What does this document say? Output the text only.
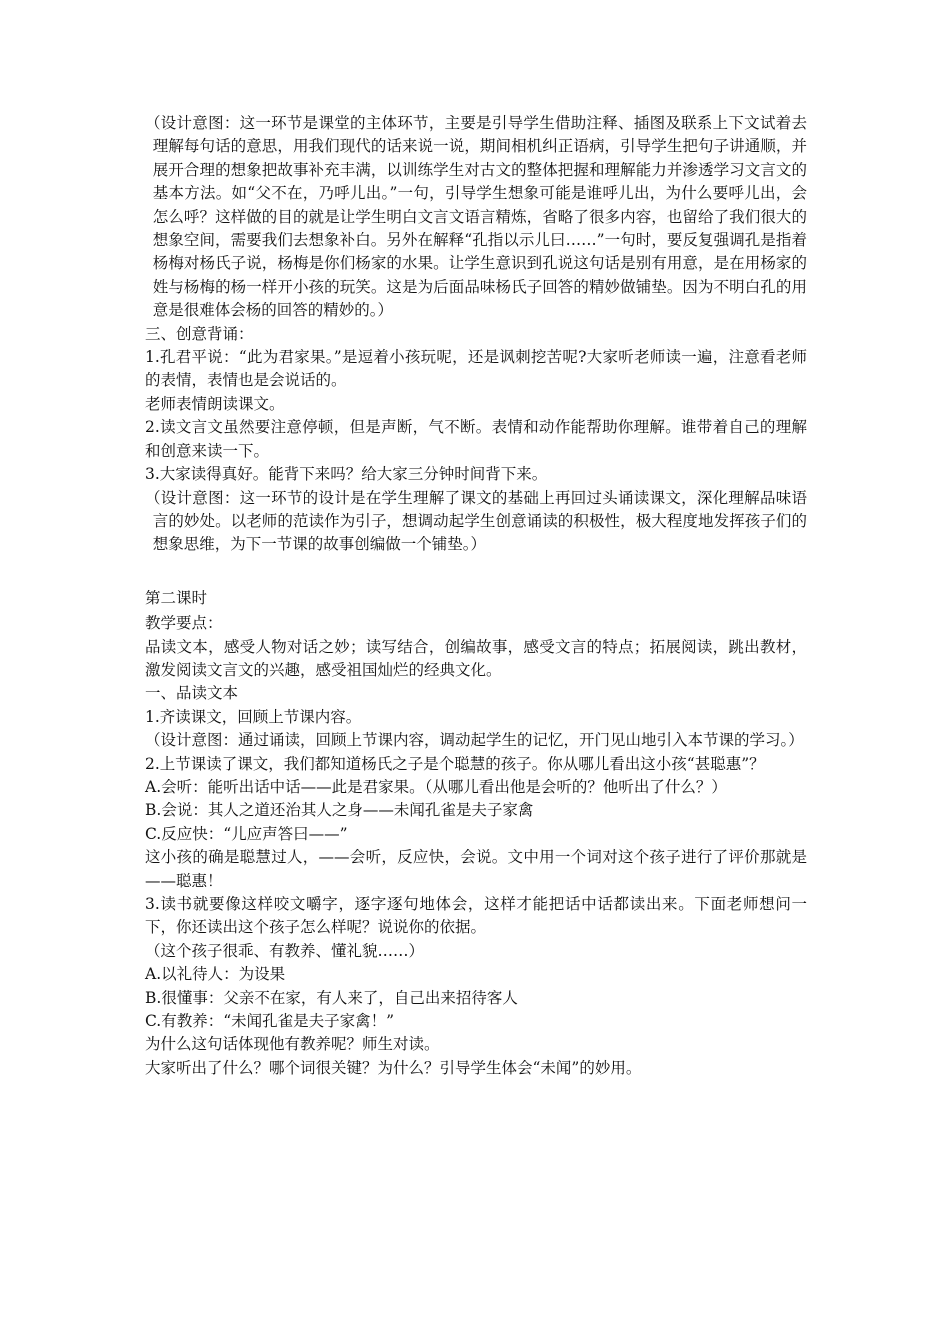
（设计意图：这一环节是课堂的主体环节，主要是引导学生借助注释、插图及联系上下文试着去理解每句话的意思，用我们现代的话来说一说，期间相机纠正语病，引导学生把句子讲通顺，并展开合理的想象把故事补充丰满，以训练学生对古文的整体把握和理解能力并渗透学习文言文的基本方法。如“父不在，乃呼儿出。”一句，引导学生想象可能是谁呼儿出，为什么要呼儿出，会怎么呼？这样做的目的就是让学生明白文言文语言精炼，省略了很多内容，也留给了我们很大的想象空间，需要我们去想象补白。另外在解释“孔指以示儿曰……”一句时，要反复强调孔是指着杨梅对杨氏子说，杨梅是你们杨家的水果。让学生意识到孔说这句话是别有用意，是在用杨家的姓与杨梅的杨一样开小孩的玩笑。这是为后面品味杨氏子回答的精妙做铺垫。因为不明白孔的用意是很难体会杨的回答的精妙的。）

三、创意背诵：

1.孔君平说：“此为君家果。”是逗着小孩玩呢，还是讽刺挖苦呢?大家听老师读一遍，注意看老师的表情，表情也是会说话的。

老师表情朗读课文。

2.读文言文虽然要注意停顿，但是声断，气不断。表情和动作能帮助你理解。谁带着自己的理解和创意来读一下。

3.大家读得真好。能背下来吗？给大家三分钟时间背下来。

（设计意图：这一环节的设计是在学生理解了课文的基础上再回过头诵读课文，深化理解品味语言的妙处。以老师的范读作为引子，想调动起学生创意诵读的积极性，极大程度地发挥孩子们的想象思维，为下一节课的故事创编做一个铺垫。）

第二课时

教学要点：

品读文本，感受人物对话之妙；读写结合，创编故事，感受文言的特点；拓展阅读，跳出教材，激发阅读文言文的兴趣，感受祖国灿烂的经典文化。

一、品读文本

1.齐读课文，回顾上节课内容。

（设计意图：通过诵读，回顾上节课内容，调动起学生的记忆，开门见山地引入本节课的学习。）

2.上节课读了课文，我们都知道杨氏之子是个聪慧的孩子。你从哪儿看出这小孩“甚聪惠”？

A.会听：能听出话中话——此是君家果。（从哪儿看出他是会听的？他听出了什么？）

B.会说：其人之道还治其人之身——未闻孔雀是夫子家禽

C.反应快：“儿应声答曰——”

这小孩的确是聪慧过人，——会听，反应快，会说。文中用一个词对这个孩子进行了评价那就是——聪惠！

3.读书就要像这样咬文嚼字，逐字逐句地体会，这样才能把话中话都读出来。下面老师想问一下，你还读出这个孩子怎么样呢？说说你的依据。

（这个孩子很乖、有教养、懂礼貌……）

A.以礼待人：为设果

B.很懂事：父亲不在家，有人来了，自己出来招待客人

C.有教养：“未闻孔雀是夫子家禽！”

为什么这句话体现他有教养呢？师生对读。

大家听出了什么？哪个词很关键？为什么？引导学生体会“未闻”的妙用。
